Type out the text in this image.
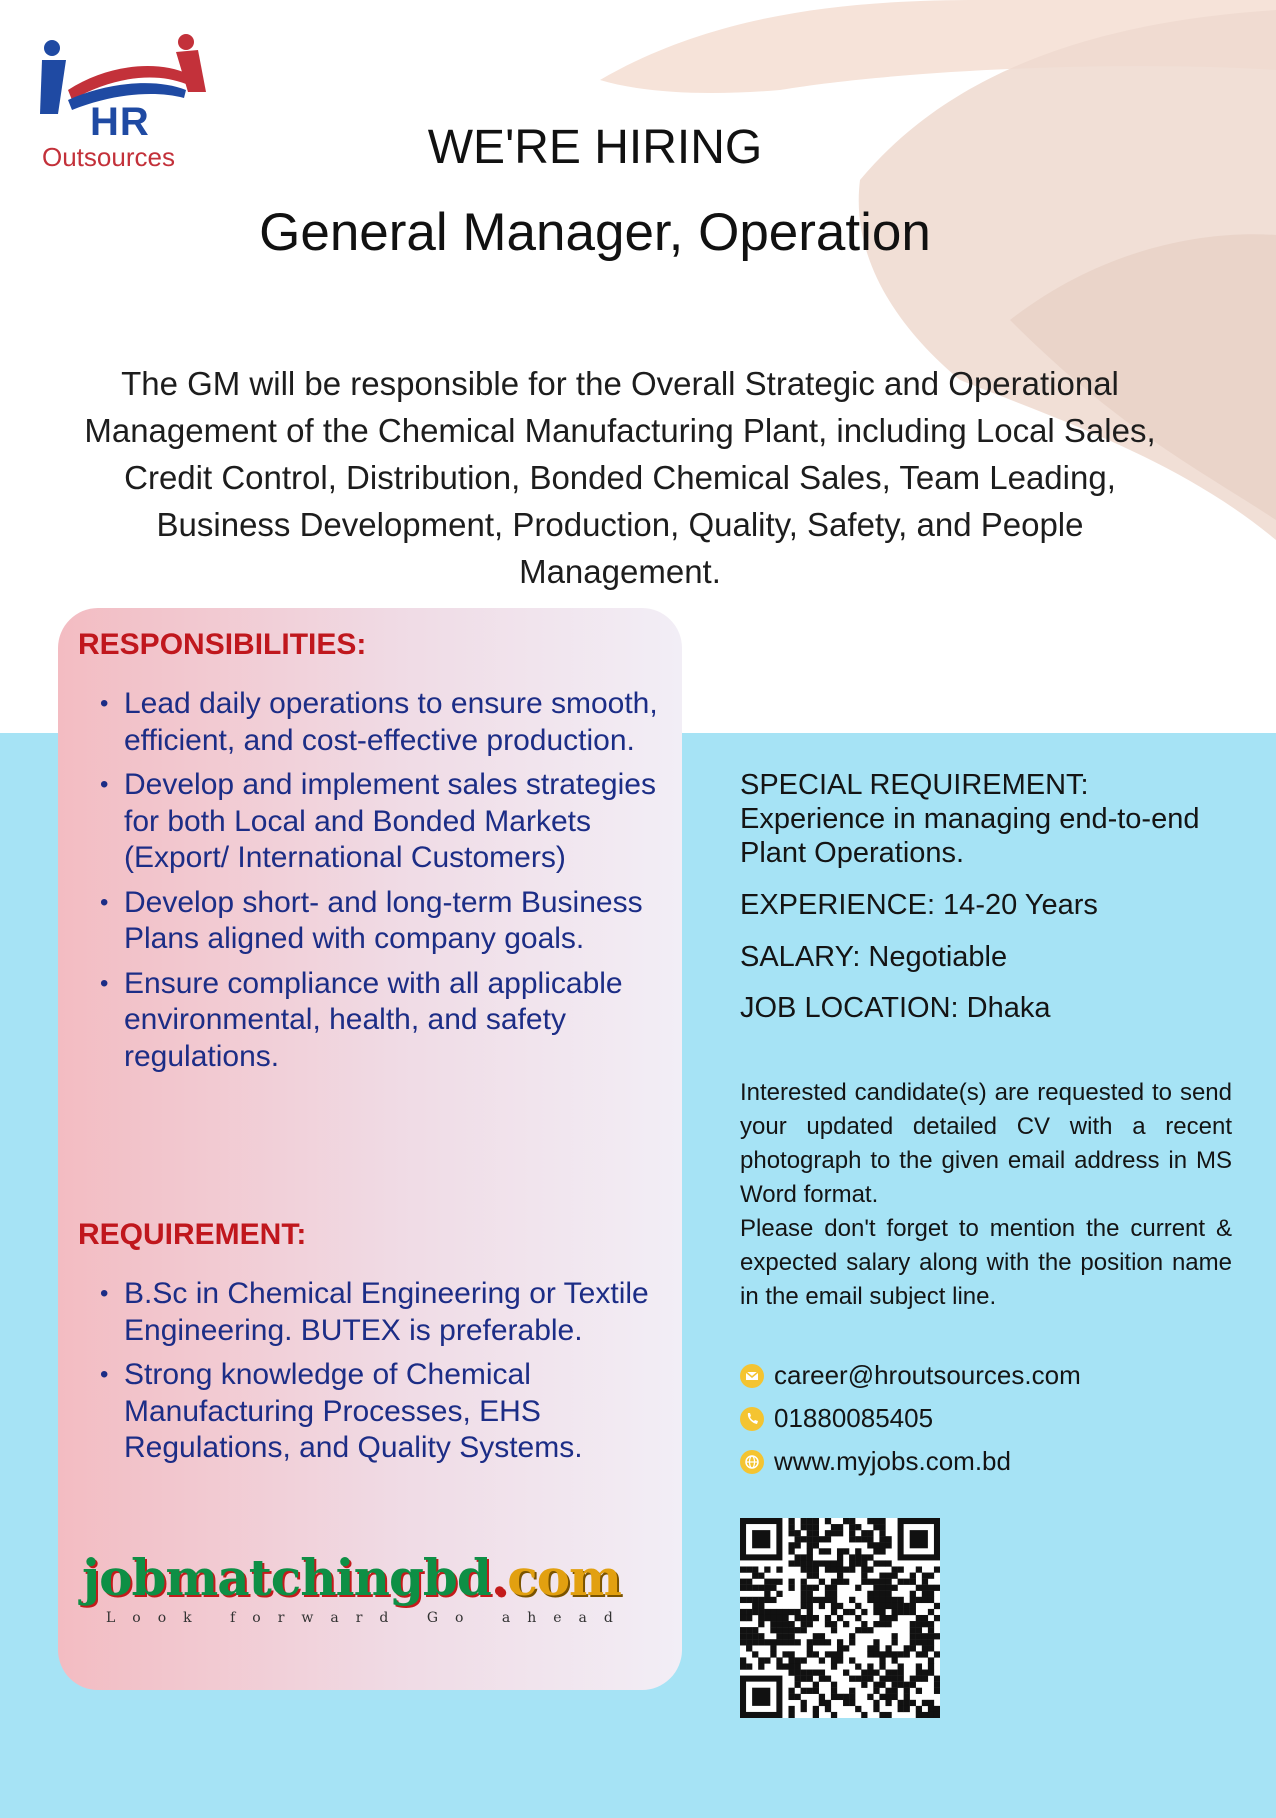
HR
Outsources	WE'RE HIRING
General Manager, Operation
The GM will be responsible for the Overall Strategic and Operational Management of the Chemical Manufacturing Plant, including Local Sales, Credit Control, Distribution, Bonded Chemical Sales, Team Leading, Business Development, Production, Quality, Safety, and People Management.
RESPONSIBILITIES:
• Lead daily operations to ensure smooth, efficient, and cost-effective production.
• Develop and implement sales strategies for both Local and Bonded Markets (Export/ International Customers)
• Develop short- and long-term Business Plans aligned with company goals.
• Ensure compliance with all applicable environmental, health, and safety regulations.
REQUIREMENT:
• B.Sc in Chemical Engineering or Textile Engineering. BUTEX is preferable.
• Strong knowledge of Chemical Manufacturing Processes, EHS Regulations, and Quality Systems.
jobmatchingbd.com
Look forward Go ahead
SPECIAL REQUIREMENT: Experience in managing end-to-end Plant Operations.
EXPERIENCE: 14-20 Years
SALARY: Negotiable
JOB LOCATION: Dhaka
Interested candidate(s) are requested to send your updated detailed CV with a recent photograph to the given email address in MS Word format.
Please don't forget to mention the current & expected salary along with the position name in the email subject line.
career@hroutsources.com
01880085405
www.myjobs.com.bd
